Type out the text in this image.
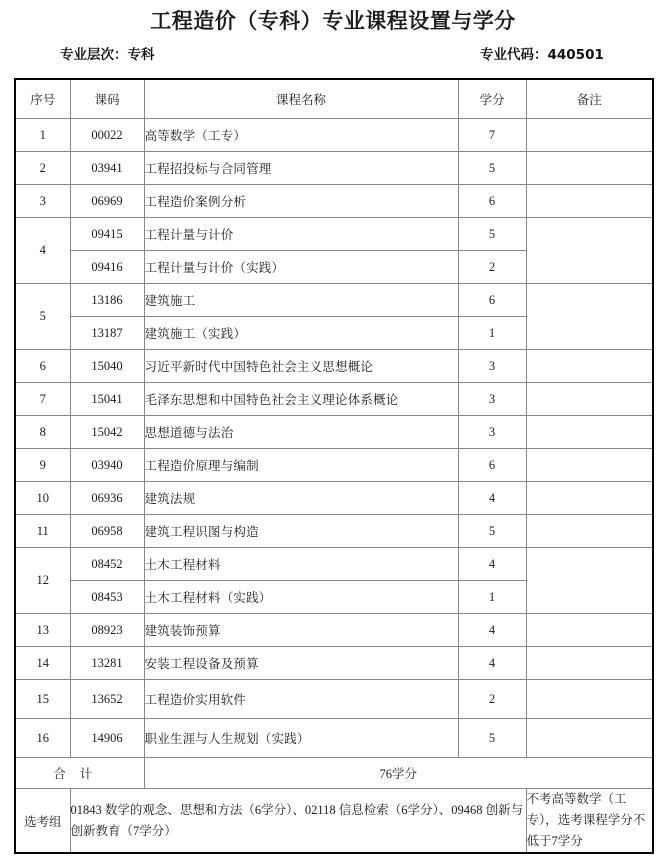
工程造价（专科）专业课程设置与学分
专业层次：专科	专业代码：440501
序号	课码	课程名称	学分	备注
1	00022	高等数学（工专）	7	
2	03941	工程招投标与合同管理	5	
3	06969	工程造价案例分析	6	
4	09415	工程计量与计价	5	
	09416	工程计量与计价（实践）	2	
5	13186	建筑施工	6	
	13187	建筑施工（实践）	1	
6	15040	习近平新时代中国特色社会主义思想概论	3	
7	15041	毛泽东思想和中国特色社会主义理论体系概论	3	
8	15042	思想道德与法治	3	
9	03940	工程造价原理与编制	6	
10	06936	建筑法规	4	
11	06958	建筑工程识图与构造	5	
12	08452	土木工程材料	4	
	08453	土木工程材料（实践）	1	
13	08923	建筑装饰预算	4	
14	13281	安装工程设备及预算	4	
15	13652	工程造价实用软件	2	
16	14906	职业生涯与人生规划（实践）	5	
合计		76学分		
选考组	01843 数学的观念、思想和方法（6学分）、02118 信息检索（6学分）、09468 创新与创新教育（7学分）			不考高等数学（工专），选考课程学分不低于7学分
